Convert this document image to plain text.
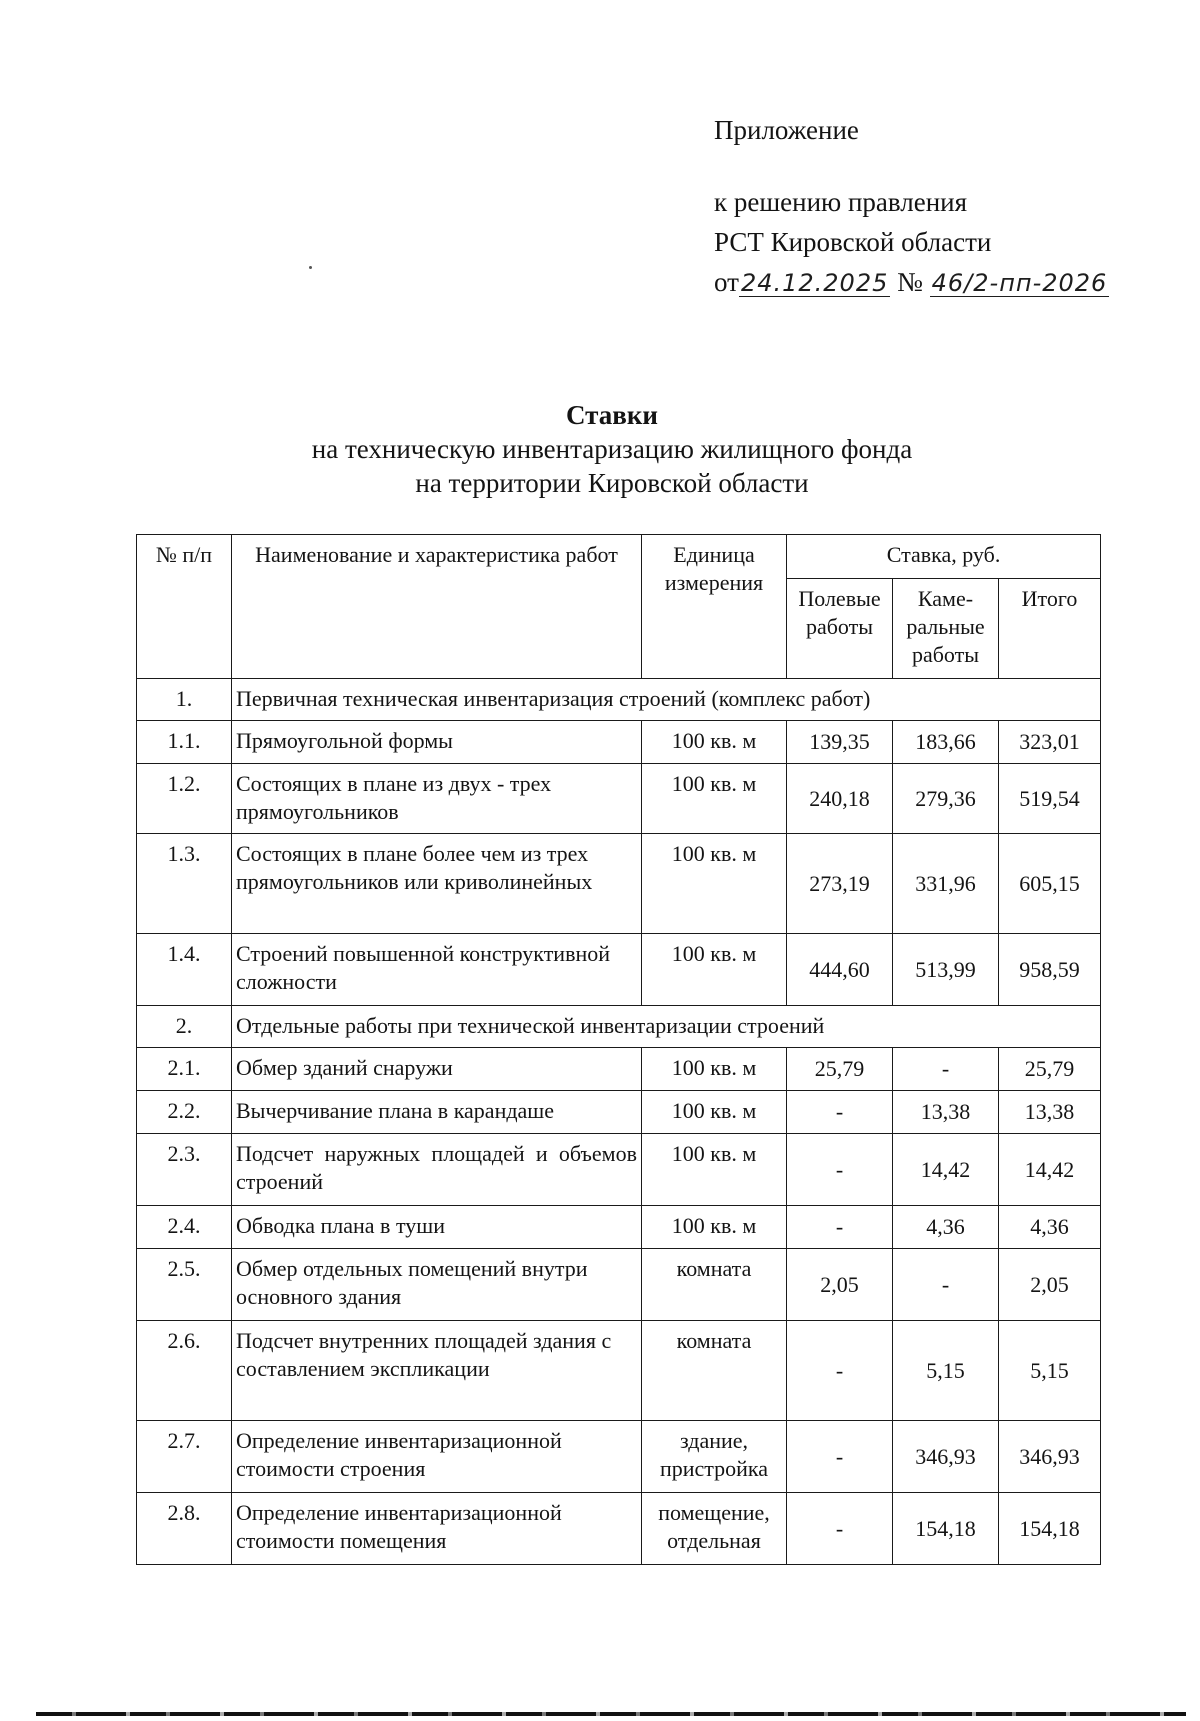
Приложение
к решению правления
РСТ Кировской области
от24.12.2025 № 46/2-пп-2026
Ставки
на техническую инвентаризацию жилищного фонда
на территории Кировской области
№ п/п	Наименование и характеристика работ	Единица измерения	Ставка, руб.		
			Полевые работы	Каме-ральные работы	Итого
1.	Первичная техническая инвентаризация строений (комплекс работ)				
1.1.	Прямоугольной формы	100 кв. м	139,35	183,66	323,01
1.2.	Состоящих в плане из двух - трех прямоугольников	100 кв. м	240,18	279,36	519,54
1.3.	Состоящих в плане более чем из трех прямоугольников или криволинейных	100 кв. м	273,19	331,96	605,15
1.4.	Строений повышенной конструктивной сложности	100 кв. м	444,60	513,99	958,59
2.	Отдельные работы при технической инвентаризации строений				
2.1.	Обмер зданий снаружи	100 кв. м	25,79	-	25,79
2.2.	Вычерчивание плана в карандаше	100 кв. м	-	13,38	13,38
2.3.	Подсчет наружных площадей и объемов строений	100 кв. м	-	14,42	14,42
2.4.	Обводка плана в туши	100 кв. м	-	4,36	4,36
2.5.	Обмер отдельных помещений внутри основного здания	комната	2,05	-	2,05
2.6.	Подсчет внутренних площадей здания с составлением экспликации	комната	-	5,15	5,15
2.7.	Определение инвентаризационной стоимости строения	здание, пристройка	-	346,93	346,93
2.8.	Определение инвентаризационной стоимости помещения	помещение, отдельная	-	154,18	154,18
